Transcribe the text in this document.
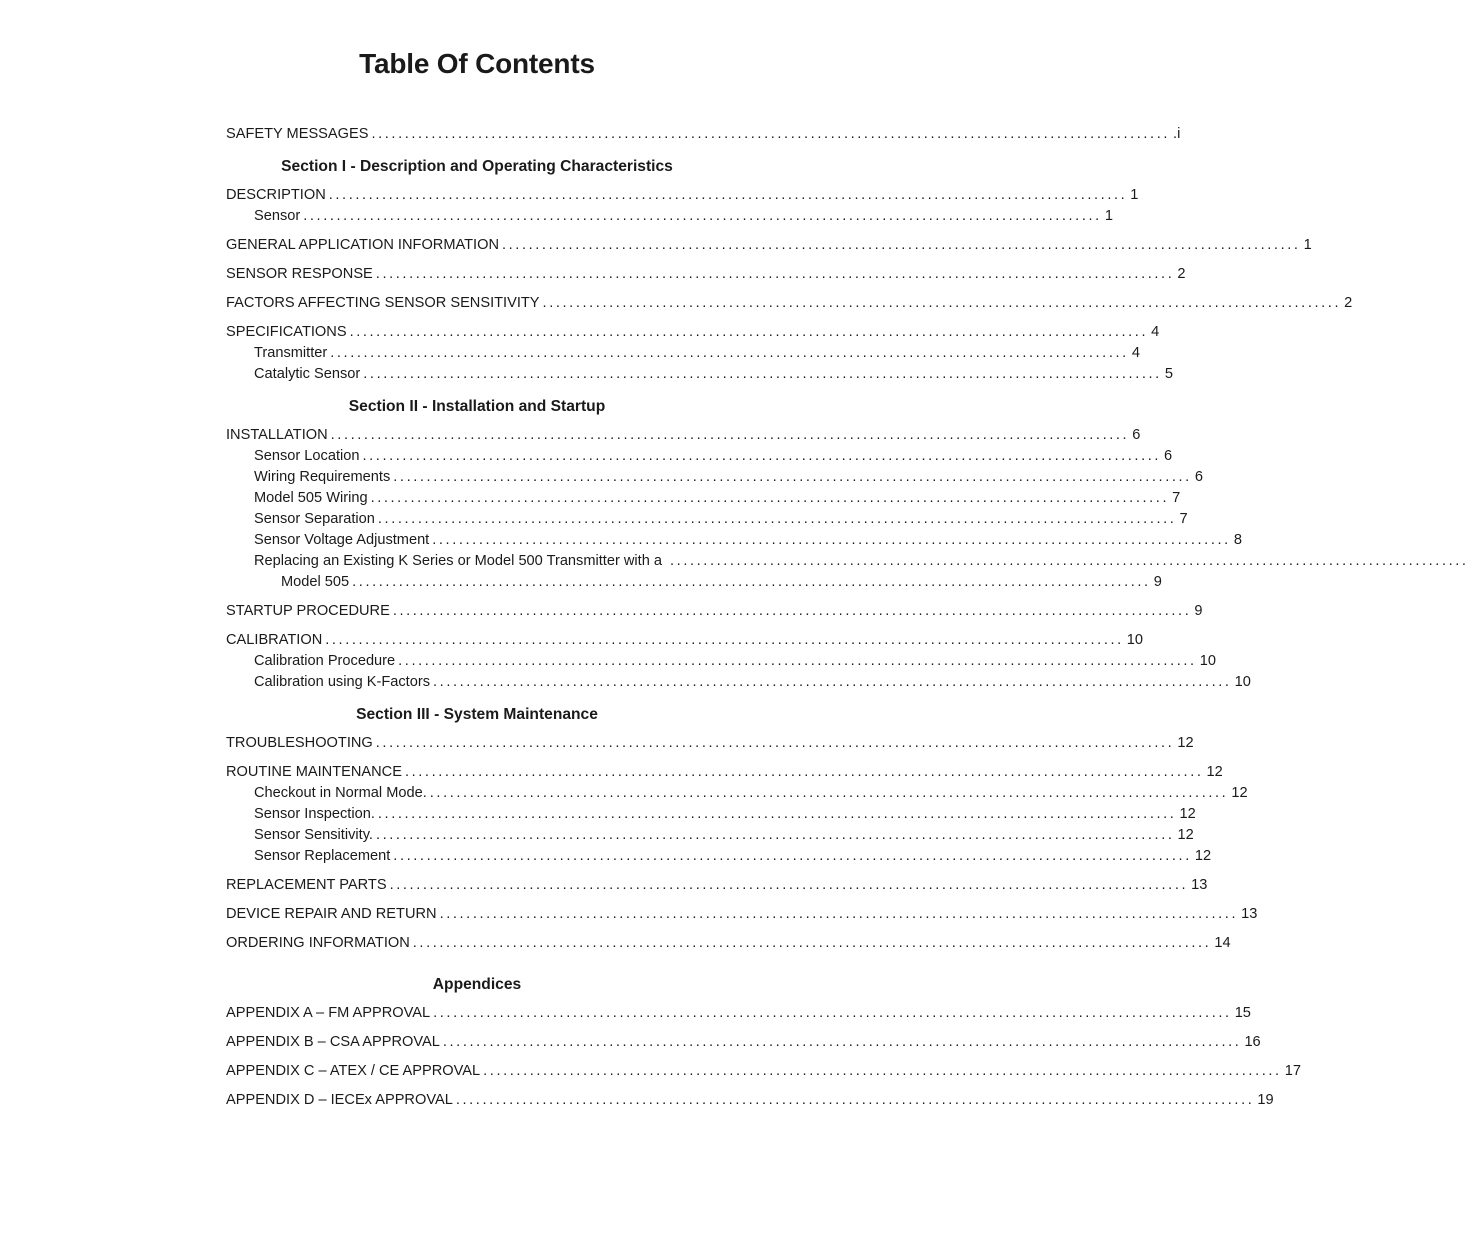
Table Of Contents
SAFETY MESSAGES ........................................................................................................................ .i
Section I - Description and Operating Characteristics
DESCRIPTION ........................................................................................................................ 1
Sensor ........................................................................................................................ 1
GENERAL APPLICATION INFORMATION ........................................................................................................................ 1
SENSOR RESPONSE ........................................................................................................................ 2
FACTORS AFFECTING SENSOR SENSITIVITY ........................................................................................................................ 2
SPECIFICATIONS ........................................................................................................................ 4
Transmitter ........................................................................................................................ 4
Catalytic Sensor ........................................................................................................................ 5
Section II - Installation and Startup
INSTALLATION ........................................................................................................................ 6
Sensor Location ........................................................................................................................ 6
Wiring Requirements ........................................................................................................................ 6
Model 505 Wiring ........................................................................................................................ 7
Sensor Separation ........................................................................................................................ 7
Sensor Voltage Adjustment ........................................................................................................................ 8
Replacing an Existing K Series or Model 500 Transmitter with a ........................................................................................................................
Model 505 ........................................................................................................................ 9
STARTUP PROCEDURE ........................................................................................................................ 9
CALIBRATION ........................................................................................................................ 10
Calibration Procedure ........................................................................................................................ 10
Calibration using K-Factors ........................................................................................................................ 10
Section III - System Maintenance
TROUBLESHOOTING ........................................................................................................................ 12
ROUTINE MAINTENANCE ........................................................................................................................ 12
Checkout in Normal Mode. ........................................................................................................................ 12
Sensor Inspection. ........................................................................................................................ 12
Sensor Sensitivity. ........................................................................................................................ 12
Sensor Replacement ........................................................................................................................ 12
REPLACEMENT PARTS ........................................................................................................................ 13
DEVICE REPAIR AND RETURN ........................................................................................................................ 13
ORDERING INFORMATION ........................................................................................................................ 14
Appendices
APPENDIX A – FM APPROVAL ........................................................................................................................ 15
APPENDIX B – CSA APPROVAL ........................................................................................................................ 16
APPENDIX C – ATEX / CE APPROVAL ........................................................................................................................ 17
APPENDIX D – IECEx APPROVAL ........................................................................................................................ 19
